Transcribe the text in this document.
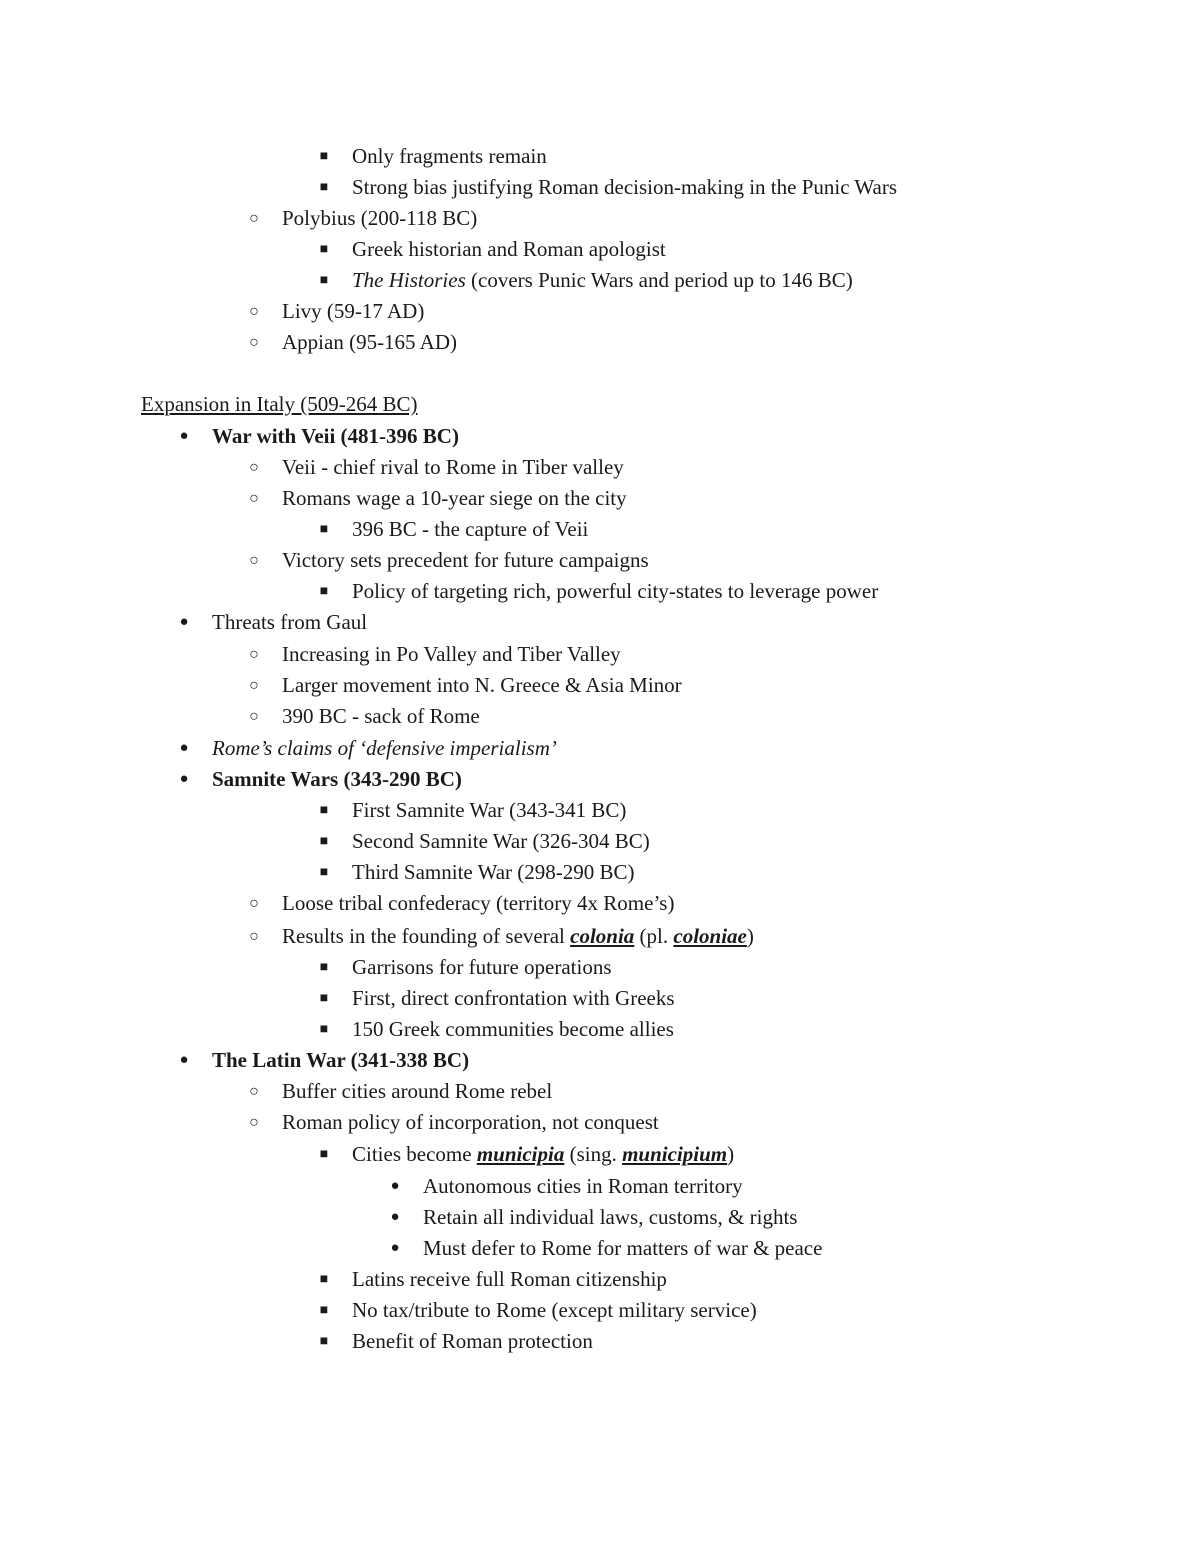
■ Only fragments remain
■ Strong bias justifying Roman decision-making in the Punic Wars
○ Polybius (200-118 BC)
■ Greek historian and Roman apologist
■ The Histories (covers Punic Wars and period up to 146 BC)
○ Livy (59-17 AD)
○ Appian (95-165 AD)
Expansion in Italy (509-264 BC)
● War with Veii (481-396 BC)
○ Veii - chief rival to Rome in Tiber valley
○ Romans wage a 10-year siege on the city
■ 396 BC - the capture of Veii
○ Victory sets precedent for future campaigns
■ Policy of targeting rich, powerful city-states to leverage power
● Threats from Gaul
○ Increasing in Po Valley and Tiber Valley
○ Larger movement into N. Greece & Asia Minor
○ 390 BC - sack of Rome
● Rome’s claims of ‘defensive imperialism’
● Samnite Wars (343-290 BC)
■ First Samnite War (343-341 BC)
■ Second Samnite War (326-304 BC)
■ Third Samnite War (298-290 BC)
○ Loose tribal confederacy (territory 4x Rome’s)
○ Results in the founding of several colonia (pl. coloniae)
■ Garrisons for future operations
■ First, direct confrontation with Greeks
■ 150 Greek communities become allies
● The Latin War (341-338 BC)
○ Buffer cities around Rome rebel
○ Roman policy of incorporation, not conquest
■ Cities become municipia (sing. municipium)
● Autonomous cities in Roman territory
● Retain all individual laws, customs, & rights
● Must defer to Rome for matters of war & peace
■ Latins receive full Roman citizenship
■ No tax/tribute to Rome (except military service)
■ Benefit of Roman protection
